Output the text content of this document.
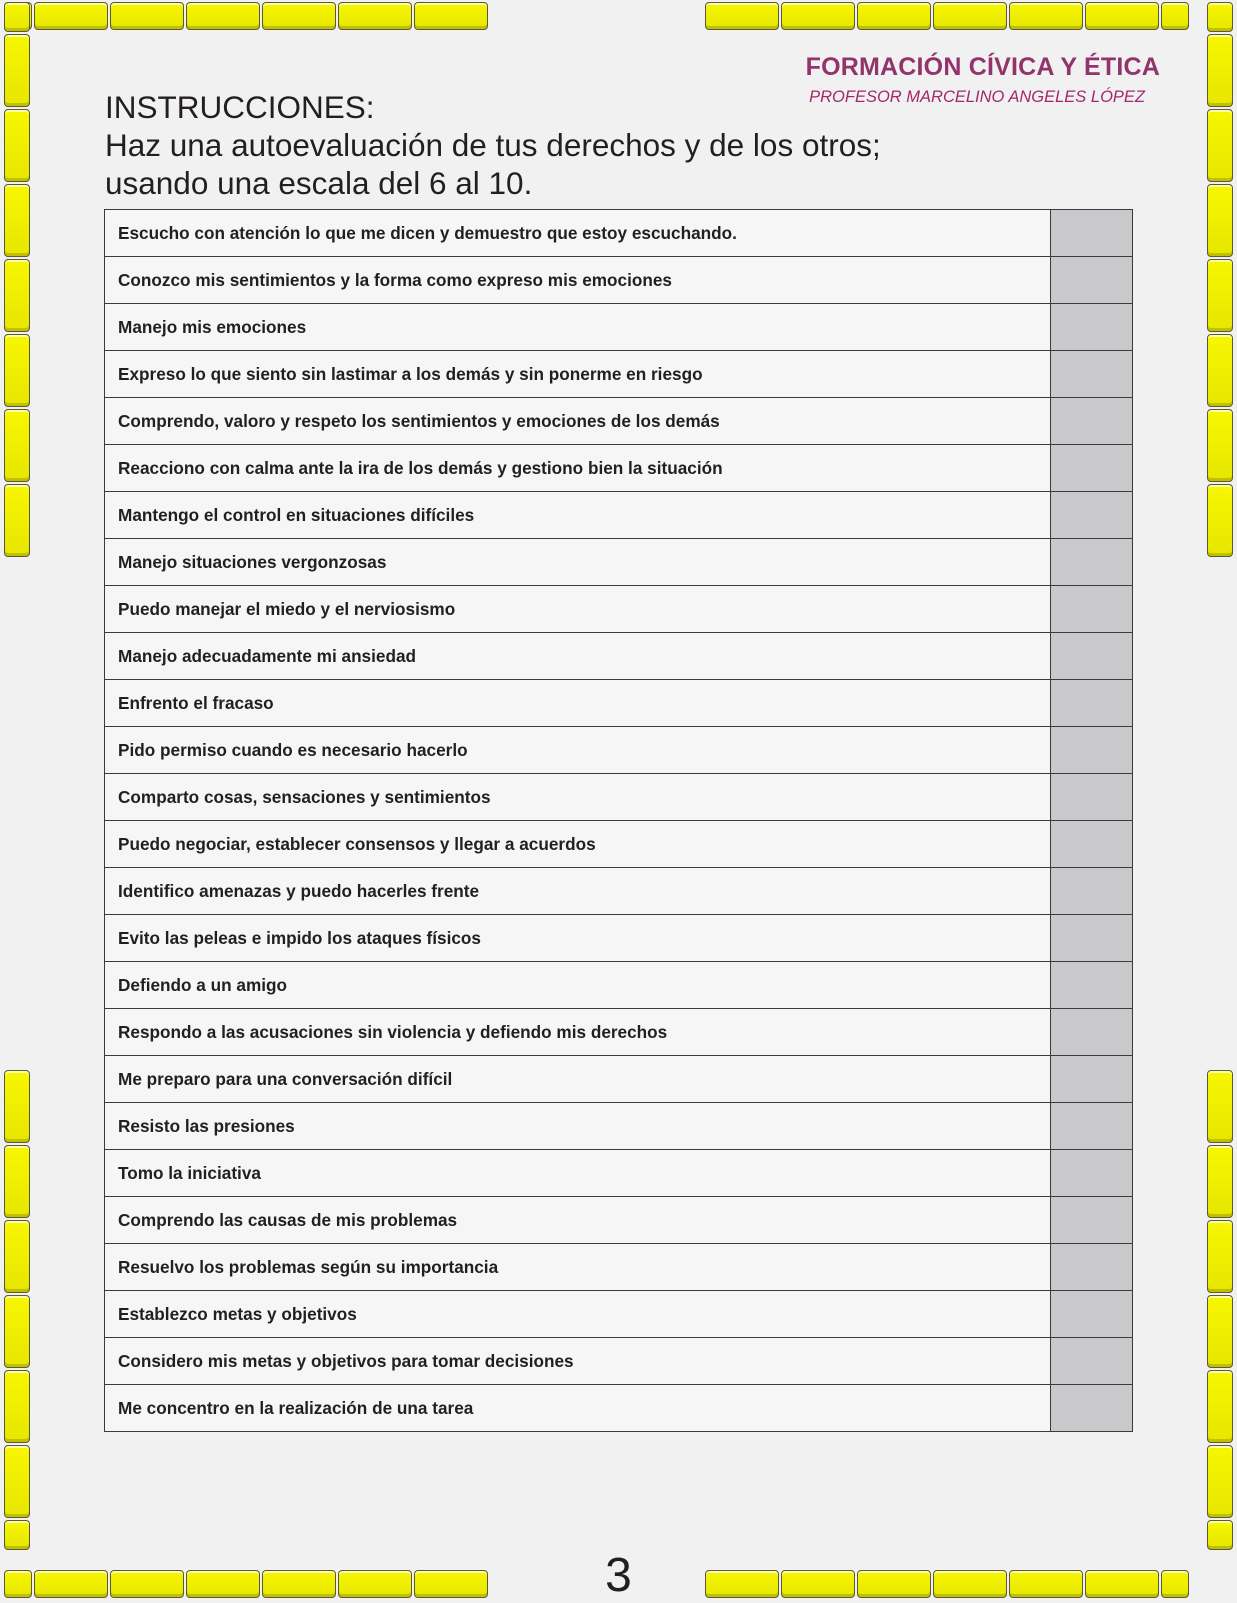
FORMACIÓN CÍVICA Y ÉTICA
PROFESOR MARCELINO ANGELES LÓPEZ
INSTRUCCIONES:
Haz una autoevaluación de tus derechos y de los otros;
usando una escala del 6 al 10.
Escucho con atención lo que me dicen y demuestro que estoy escuchando.	
Conozco mis sentimientos y la forma como expreso mis emociones	
Manejo mis emociones	
Expreso lo que siento sin lastimar a los demás y sin ponerme en riesgo	
Comprendo, valoro y respeto los sentimientos y emociones de los demás	
Reacciono con calma ante la ira de los demás y gestiono bien la situación	
Mantengo el control en situaciones difíciles	
Manejo situaciones vergonzosas	
Puedo manejar el miedo y el nerviosismo	
Manejo adecuadamente mi ansiedad	
Enfrento el fracaso	
Pido permiso cuando es necesario hacerlo	
Comparto cosas, sensaciones y sentimientos	
Puedo negociar, establecer consensos y llegar a acuerdos	
Identifico amenazas y puedo hacerles frente	
Evito las peleas e impido los ataques físicos	
Defiendo a un amigo	
Respondo a las acusaciones sin violencia y defiendo mis derechos	
Me preparo para una conversación difícil	
Resisto las presiones	
Tomo la iniciativa	
Comprendo las causas de mis problemas	
Resuelvo los problemas según su importancia	
Establezco metas y objetivos	
Considero mis metas y objetivos para tomar decisiones	
Me concentro en la realización de una tarea	
3
